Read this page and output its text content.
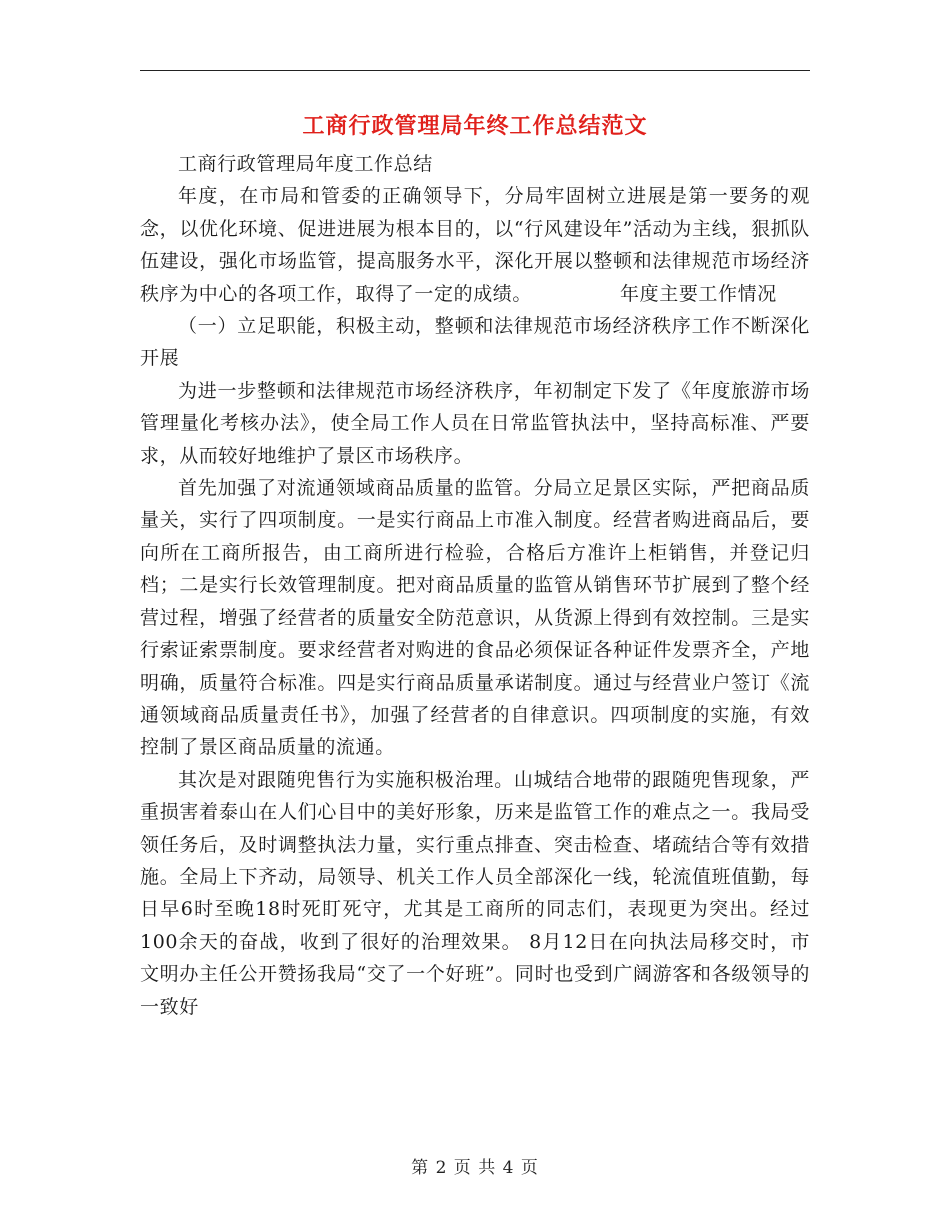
工商行政管理局年终工作总结范文

工商行政管理局年度工作总结

年度，在市局和管委的正确领导下，分局牢固树立进展是第一要务的观念，以优化环境、促进进展为根本目的，以“行风建设年”活动为主线，狠抓队伍建设，强化市场监管，提高服务水平，深化开展以整顿和法律规范市场经济秩序为中心的各项工作，取得了一定的成绩。	年度主要工作情况

（一）立足职能，积极主动，整顿和法律规范市场经济秩序工作不断深化开展

为进一步整顿和法律规范市场经济秩序，年初制定下发了《年度旅游市场管理量化考核办法》，使全局工作人员在日常监管执法中，坚持高标准、严要求，从而较好地维护了景区市场秩序。

首先加强了对流通领域商品质量的监管。分局立足景区实际，严把商品质量关，实行了四项制度。一是实行商品上市准入制度。经营者购进商品后，要向所在工商所报告，由工商所进行检验，合格后方准许上柜销售，并登记归档；二是实行长效管理制度。把对商品质量的监管从销售环节扩展到了整个经营过程，增强了经营者的质量安全防范意识，从货源上得到有效控制。三是实行索证索票制度。要求经营者对购进的食品必须保证各种证件发票齐全，产地明确，质量符合标准。四是实行商品质量承诺制度。通过与经营业户签订《流通领域商品质量责任书》，加强了经营者的自律意识。四项制度的实施，有效控制了景区商品质量的流通。

其次是对跟随兜售行为实施积极治理。山城结合地带的跟随兜售现象，严重损害着泰山在人们心目中的美好形象，历来是监管工作的难点之一。我局受领任务后，及时调整执法力量，实行重点排查、突击检查、堵疏结合等有效措施。全局上下齐动，局领导、机关工作人员全部深化一线，轮流值班值勤，每日早6时至晚18时死盯死守，尤其是工商所的同志们，表现更为突出。经过100余天的奋战，收到了很好的治理效果。 8月12日在向执法局移交时，市文明办主任公开赞扬我局“交了一个好班”。同时也受到广阔游客和各级领导的一致好

第 2 页 共 4 页
